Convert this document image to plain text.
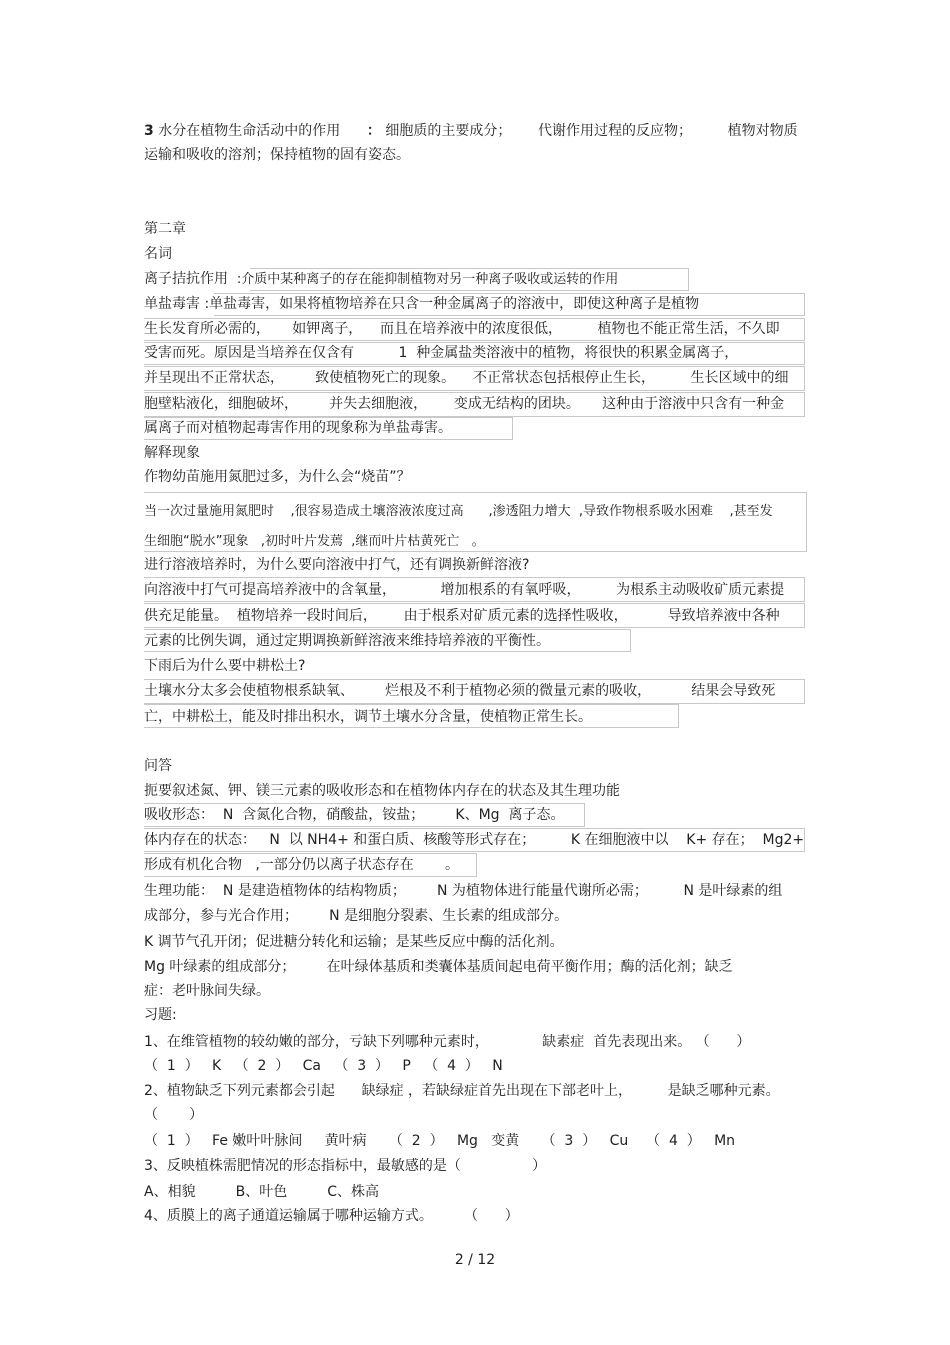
3 水分在植物生命活动中的作用 ： 细胞质的主要成分；      代谢作用过程的反应物；        植物对物质
运输和吸收的溶剂；保持植物的固有姿态。
第二章
名词
离子拮抗作用 :介质中某种离子的存在能抑制植物对另一种离子吸收或运转的作用
单盐毒害 :单盐毒害，如果将植物培养在只含一种金属离子的溶液中，即使这种离子是植物
生长发育所必需的，     如钾离子，    而且在培养液中的浓度很低，        植物也不能正常生活，不久即
受害而死。原因是当培养在仅含有          1  种金属盐类溶液中的植物，将很快的积累金属离子，
并呈现出不正常状态，       致使植物死亡的现象。    不正常状态包括根停止生长，        生长区域中的细
胞壁粘液化，细胞破坏，       并失去细胞液，      变成无结构的团块。     这种由于溶液中只含有一种金
属离子而对植物起毒害作用的现象称为单盐毒害。
解释现象
作物幼苗施用氮肥过多，为什么会“烧苗”？
当一次过量施用氮肥时    ,很容易造成土壤溶液浓度过高      ,渗透阻力增大  ,导致作物根系吸水困难    ,甚至发
生细胞“脱水”现象   ,初时叶片发蔫  ,继而叶片枯黄死亡   。
进行溶液培养时，为什么要向溶液中打气，还有调换新鲜溶液?
向溶液中打气可提高培养液中的含氧量，          增加根系的有氧呼吸，        为根系主动吸收矿质元素提
供充足能量。  植物培养一段时间后，      由于根系对矿质元素的选择性吸收，         导致培养液中各种
元素的比例失调，通过定期调换新鲜溶液来维持培养液的平衡性。
下雨后为什么要中耕松土?
土壤水分太多会使植物根系缺氧、       烂根及不利于植物必须的微量元素的吸收，         结果会导致死
亡，中耕松土，能及时排出积水，调节土壤水分含量，使植物正常生长。
问答
扼要叙述氮、钾、镁三元素的吸收形态和在植物体内存在的状态及其生理功能
吸收形态：  N  含氮化合物，硝酸盐，铵盐；       K、Mg  离子态。
体内存在的状态：   N  以 NH4+ 和蛋白质、核酸等形式存在；        K 在细胞液中以    K+ 存在；  Mg2+
形成有机化合物   ,一部分仍以离子状态存在       。
生理功能：  N 是建造植物体的结构物质；       N 为植物体进行能量代谢所必需；        N 是叶绿素的组
成部分，参与光合作用；       N 是细胞分裂素、生长素的组成部分。
K 调节气孔开闭；促进糖分转化和运输；是某些反应中酶的活化剂。
Mg 叶绿素的组成部分；       在叶绿体基质和类囊体基质间起电荷平衡作用；酶的活化剂；缺乏
症：老叶脉间失绿。
习题:
1、在维管植物的较幼嫩的部分，亏缺下列哪种元素时，            缺素症  首先表现出来。 （      ）
（  1  ）   K   （  2  ）   Ca   （  3  ）   P   （  4  ）   N
2、植物缺乏下列元素都会引起      缺绿症 ，若缺绿症首先出现在下部老叶上，        是缺乏哪种元素。
（       ）
（  1  ）   Fe 嫩叶叶脉间     黄叶病     （  2  ）   Mg   变黄     （  3  ）   Cu    （  4  ）   Mn
3、反映植株需肥情况的形态指标中，最敏感的是（                ）
A、相貌         B、叶色         C、株高
4、质膜上的离子通道运输属于哪种运输方式。       （      ）
2 / 12
